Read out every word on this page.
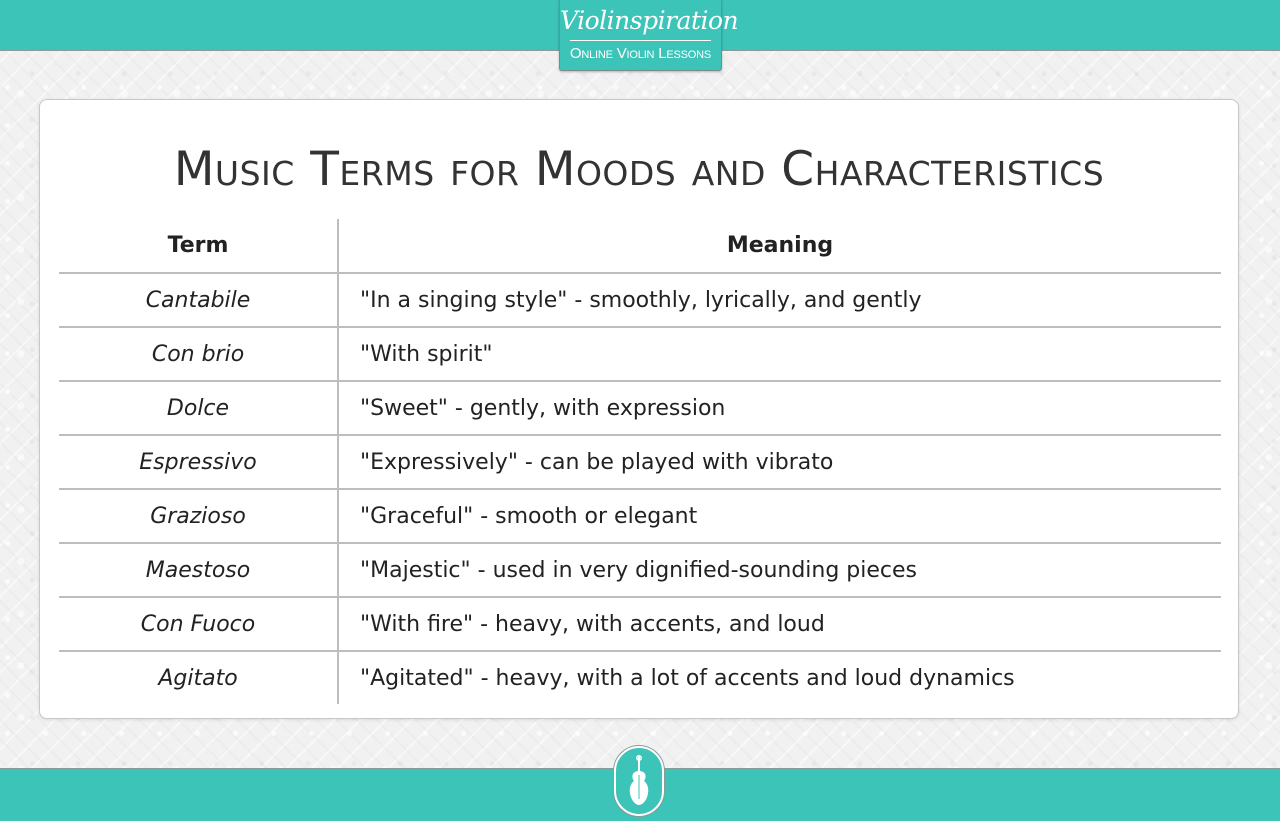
Violinspiration
Online Violin Lessons
Music Terms for Moods and Characteristics
Term	Meaning
Cantabile	"In a singing style" - smoothly, lyrically, and gently
Con brio	"With spirit"
Dolce	"Sweet" - gently, with expression
Espressivo	"Expressively" - can be played with vibrato
Grazioso	"Graceful" - smooth or elegant
Maestoso	"Majestic" - used in very dignified-sounding pieces
Con Fuoco	"With fire" - heavy, with accents, and loud
Agitato	"Agitated" - heavy, with a lot of accents and loud dynamics
